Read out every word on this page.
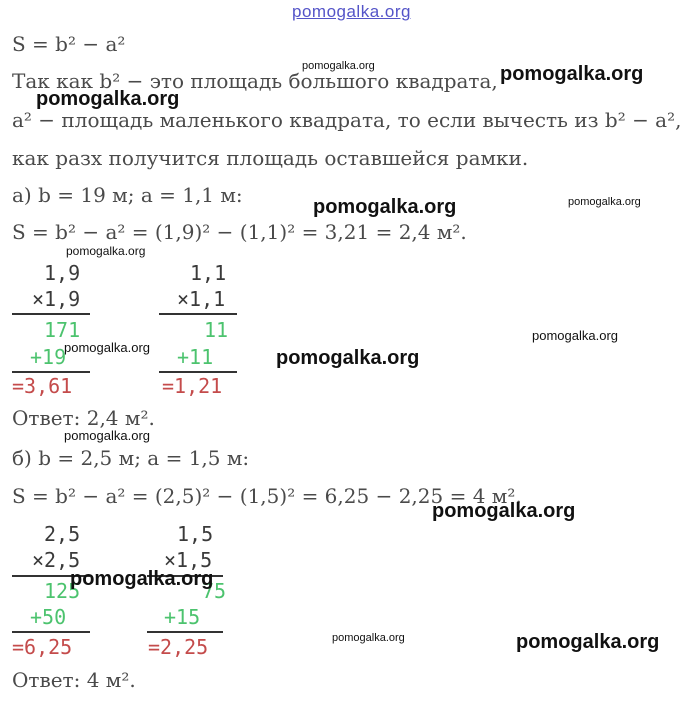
pomogalka.org
S = b² − a²
Так как b² − это площадь большого квадрата,
a² − площадь маленького квадрата, то если вычесть из b² − a²,
как разх получится площадь оставшейся рамки.
а) b = 19 м; a = 1,1 м:
S = b² − a² = (1,9)² − (1,1)² = 3,21 = 2,4 м².
1,9
×1,9
171
+19
=3,61
1,1
×1,1
11
+11
=1,21
Ответ: 2,4 м².
б) b = 2,5 м; a = 1,5 м:
S = b² − a² = (2,5)² − (1,5)² = 6,25 − 2,25 = 4 м².
2,5
×2,5
125
+50
=6,25
1,5
×1,5
75
+15
=2,25
Ответ: 4 м².
pomogalka.org	pomogalka.org
pomogalka.org
pomogalka.org	pomogalka.org
pomogalka.org
pomogalka.org
pomogalka.org	pomogalka.org
pomogalka.org
pomogalka.org
pomogalka.org
pomogalka.org	pomogalka.org
